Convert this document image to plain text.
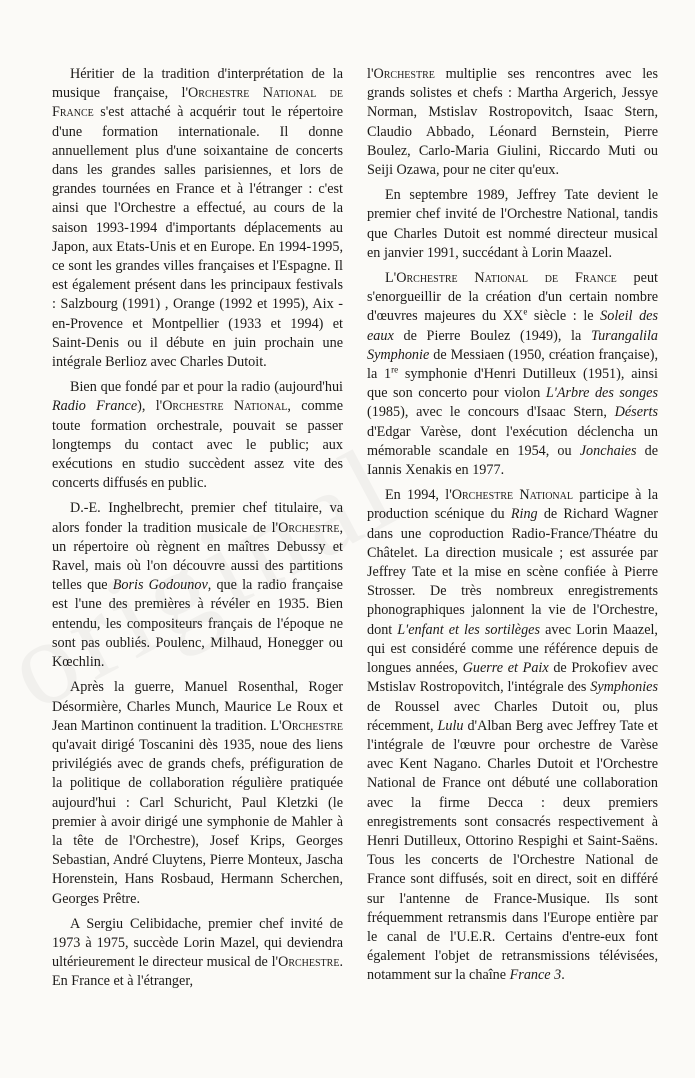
Héritier de la tradition d'interprétation de la musique française, l'Orchestre National de France s'est attaché à acquérir tout le répertoire d'une formation internationale. Il donne annuellement plus d'une soixantaine de concerts dans les grandes salles parisiennes, et lors de grandes tournées en France et à l'étranger : c'est ainsi que l'Orchestre a effectué, au cours de la saison 1993-1994 d'importants déplacements au Japon, aux Etats-Unis et en Europe. En 1994-1995, ce sont les grandes villes françaises et l'Espagne. Il est également présent dans les principaux festivals : Salzbourg (1991) , Orange (1992 et 1995), Aix -en-Provence et Montpellier (1933 et 1994) et Saint-Denis ou il débute en juin prochain une intégrale Berlioz avec Charles Dutoit.

Bien que fondé par et pour la radio (aujourd'hui Radio France), l'Orchestre National, comme toute formation orchestrale, pouvait se passer longtemps du contact avec le public; aux exécutions en studio succèdent assez vite des concerts diffusés en public.

D.-E. Inghelbrecht, premier chef titulaire, va alors fonder la tradition musicale de l'Orchestre, un répertoire où règnent en maîtres Debussy et Ravel, mais où l'on découvre aussi des partitions telles que Boris Godounov, que la radio française est l'une des premières à révéler en 1935. Bien entendu, les compositeurs français de l'époque ne sont pas oubliés. Poulenc, Milhaud, Honegger ou Kœchlin.

Après la guerre, Manuel Rosenthal, Roger Désormière, Charles Munch, Maurice Le Roux et Jean Martinon continuent la tradition. L'Orchestre qu'avait dirigé Toscanini dès 1935, noue des liens privilégiés avec de grands chefs, préfiguration de la politique de collaboration régulière pratiquée aujourd'hui : Carl Schuricht, Paul Kletzki (le premier à avoir dirigé une symphonie de Mahler à la tête de l'Orchestre), Josef Krips, Georges Sebastian, André Cluytens, Pierre Monteux, Jascha Horenstein, Hans Rosbaud, Hermann Scherchen, Georges Prêtre.

A Sergiu Celibidache, premier chef invité de 1973 à 1975, succède Lorin Mazel, qui deviendra ultérieurement le directeur musical de l'Orchestre. En France et à l'étranger,

l'Orchestre multiplie ses rencontres avec les grands solistes et chefs : Martha Argerich, Jessye Norman, Mstislav Rostropovitch, Isaac Stern, Claudio Abbado, Léonard Bernstein, Pierre Boulez, Carlo-Maria Giulini, Riccardo Muti ou Seiji Ozawa, pour ne citer qu'eux.

En septembre 1989, Jeffrey Tate devient le premier chef invité de l'Orchestre National, tandis que Charles Dutoit est nommé directeur musical en janvier 1991, succédant à Lorin Maazel.

L'Orchestre National de France peut s'enorgueillir de la création d'un certain nombre d'œuvres majeures du XXe siècle : le Soleil des eaux de Pierre Boulez (1949), la Turangalila Symphonie de Messiaen (1950, création française), la 1re symphonie d'Henri Dutilleux (1951), ainsi que son concerto pour violon L'Arbre des songes (1985), avec le concours d'Isaac Stern, Déserts d'Edgar Varèse, dont l'exécution déclencha un mémorable scandale en 1954, ou Jonchaies de Iannis Xenakis en 1977.

En 1994, l'Orchestre National participe à la production scénique du Ring de Richard Wagner dans une coproduction Radio-France/Théatre du Châtelet. La direction musicale ; est assurée par Jeffrey Tate et la mise en scène confiée à Pierre Strosser. De très nombreux enregistrements phonographiques jalonnent la vie de l'Orchestre, dont L'enfant et les sortilèges avec Lorin Maazel, qui est considéré comme une référence depuis de longues années, Guerre et Paix de Prokofiev avec Mstislav Rostropovitch, l'intégrale des Symphonies de Roussel avec Charles Dutoit ou, plus récemment, Lulu d'Alban Berg avec Jeffrey Tate et l'intégrale de l'œuvre pour orchestre de Varèse avec Kent Nagano. Charles Dutoit et l'Orchestre National de France ont débuté une collaboration avec la firme Decca : deux premiers enregistrements sont consacrés respectivement à Henri Dutilleux, Ottorino Respighi et Saint-Saëns. Tous les concerts de l'Orchestre National de France sont diffusés, soit en direct, soit en différé sur l'antenne de France-Musique. Ils sont fréquemment retransmis dans l'Europe entière par le canal de l'U.E.R. Certains d'entre-eux font également l'objet de retransmissions télévisées, notamment sur la chaîne France 3.
